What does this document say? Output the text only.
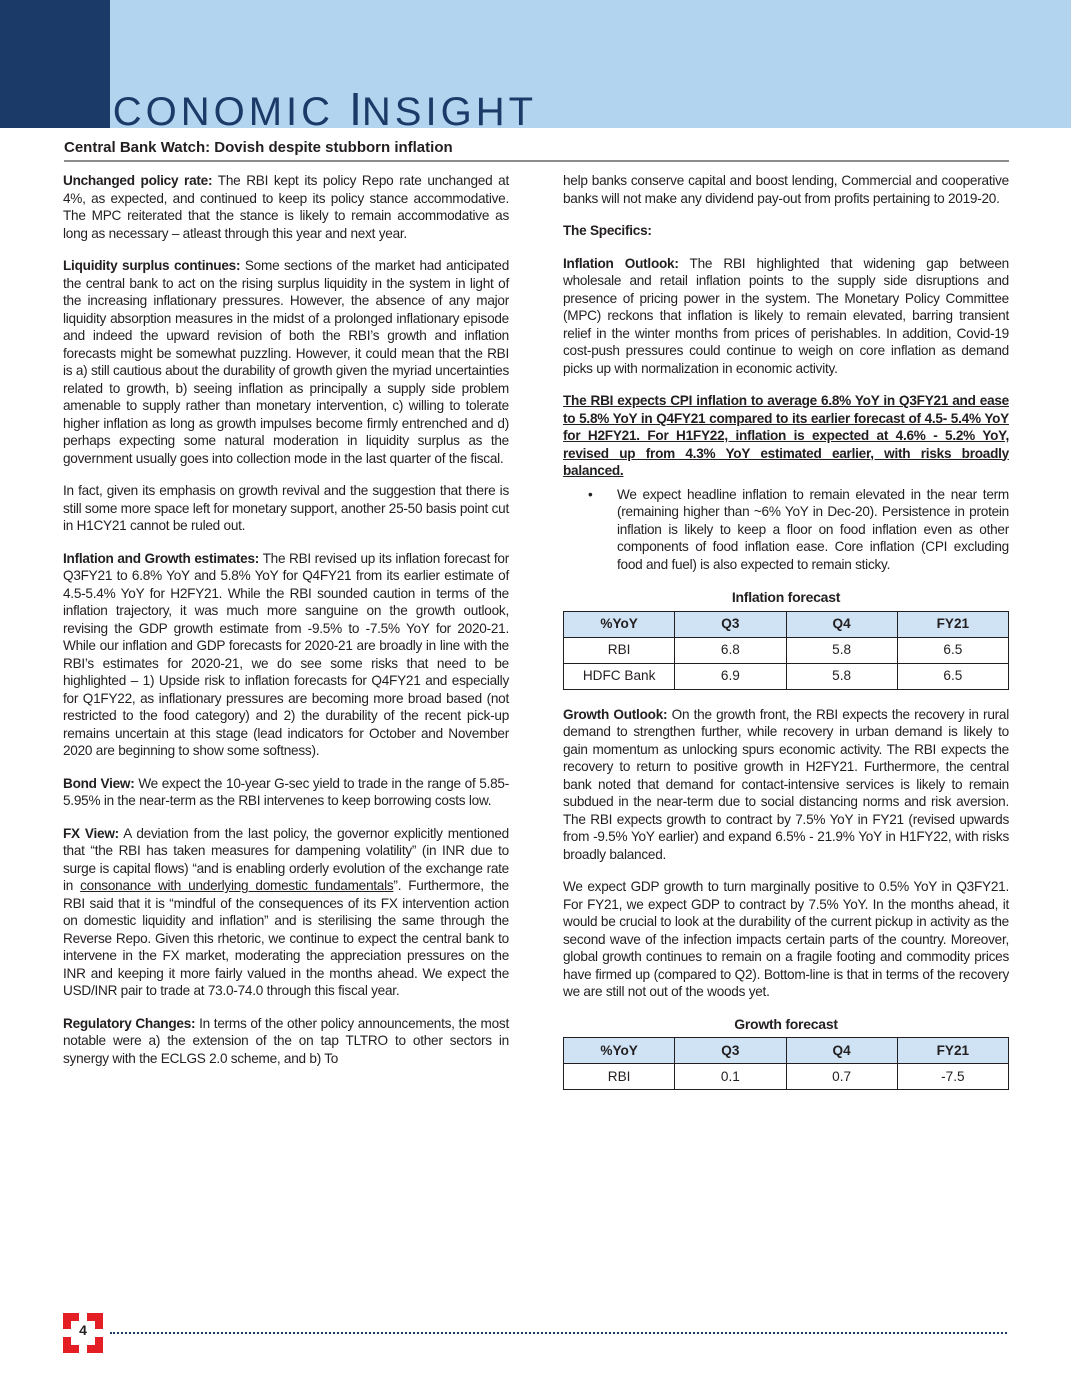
ECONOMIC INSIGHT
Central Bank Watch: Dovish despite stubborn inflation

Unchanged policy rate: The RBI kept its policy Repo rate unchanged at 4%, as expected, and continued to keep its policy stance accommodative. The MPC reiterated that the stance is likely to remain accommodative as long as necessary – atleast through this year and next year.

Liquidity surplus continues: Some sections of the market had anticipated the central bank to act on the rising surplus liquidity in the system in light of the increasing inflationary pressures. However, the absence of any major liquidity absorption measures in the midst of a prolonged inflationary episode and indeed the upward revision of both the RBI’s growth and inflation forecasts might be somewhat puzzling. However, it could mean that the RBI is a) still cautious about the durability of growth given the myriad uncertainties related to growth, b) seeing inflation as principally a supply side problem amenable to supply rather than monetary intervention, c) willing to tolerate higher inflation as long as growth impulses become firmly entrenched and d) perhaps expecting some natural moderation in liquidity surplus as the government usually goes into collection mode in the last quarter of the fiscal.

In fact, given its emphasis on growth revival and the suggestion that there is still some more space left for monetary support, another 25-50 basis point cut in H1CY21 cannot be ruled out.

Inflation and Growth estimates: The RBI revised up its inflation forecast for Q3FY21 to 6.8% YoY and 5.8% YoY for Q4FY21 from its earlier estimate of 4.5-5.4% YoY for H2FY21. While the RBI sounded caution in terms of the inflation trajectory, it was much more sanguine on the growth outlook, revising the GDP growth estimate from -9.5% to -7.5% YoY for 2020-21. While our inflation and GDP forecasts for 2020-21 are broadly in line with the RBI’s estimates for 2020-21, we do see some risks that need to be highlighted – 1) Upside risk to inflation forecasts for Q4FY21 and especially for Q1FY22, as inflationary pressures are becoming more broad based (not restricted to the food category) and 2) the durability of the recent pick-up remains uncertain at this stage (lead indicators for October and November 2020 are beginning to show some softness).

Bond View: We expect the 10-year G-sec yield to trade in the range of 5.85-5.95% in the near-term as the RBI intervenes to keep borrowing costs low.

FX View: A deviation from the last policy, the governor explicitly mentioned that “the RBI has taken measures for dampening volatility” (in INR due to surge is capital flows) “and is enabling orderly evolution of the exchange rate in consonance with underlying domestic fundamentals”. Furthermore, the RBI said that it is “mindful of the consequences of its FX intervention action on domestic liquidity and inflation” and is sterilising the same through the Reverse Repo. Given this rhetoric, we continue to expect the central bank to intervene in the FX market, moderating the appreciation pressures on the INR and keeping it more fairly valued in the months ahead. We expect the USD/INR pair to trade at 73.0-74.0 through this fiscal year.

Regulatory Changes: In terms of the other policy announcements, the most notable were a) the extension of the on tap TLTRO to other sectors in synergy with the ECLGS 2.0 scheme, and b) To

help banks conserve capital and boost lending, Commercial and cooperative banks will not make any dividend pay-out from profits pertaining to 2019-20.

The Specifics:

Inflation Outlook: The RBI highlighted that widening gap between wholesale and retail inflation points to the supply side disruptions and presence of pricing power in the system. The Monetary Policy Committee (MPC) reckons that inflation is likely to remain elevated, barring transient relief in the winter months from prices of perishables. In addition, Covid-19 cost-push pressures could continue to weigh on core inflation as demand picks up with normalization in economic activity.

The RBI expects CPI inflation to average 6.8% YoY in Q3FY21 and ease to 5.8% YoY in Q4FY21 compared to its earlier forecast of 4.5- 5.4% YoY for H2FY21. For H1FY22, inflation is expected at 4.6% - 5.2% YoY, revised up from 4.3% YoY estimated earlier, with risks broadly balanced.

• We expect headline inflation to remain elevated in the near term (remaining higher than ~6% YoY in Dec-20). Persistence in protein inflation is likely to keep a floor on food inflation even as other components of food inflation ease. Core inflation (CPI excluding food and fuel) is also expected to remain sticky.
Inflation forecast
%YoY	Q3	Q4	FY21
RBI	6.8	5.8	6.5
HDFC Bank	6.9	5.8	6.5

Growth Outlook: On the growth front, the RBI expects the recovery in rural demand to strengthen further, while recovery in urban demand is likely to gain momentum as unlocking spurs economic activity. The RBI expects the recovery to return to positive growth in H2FY21. Furthermore, the central bank noted that demand for contact-intensive services is likely to remain subdued in the near-term due to social distancing norms and risk aversion. The RBI expects growth to contract by 7.5% YoY in FY21 (revised upwards from -9.5% YoY earlier) and expand 6.5% - 21.9% YoY in H1FY22, with risks broadly balanced.

We expect GDP growth to turn marginally positive to 0.5% YoY in Q3FY21. For FY21, we expect GDP to contract by 7.5% YoY. In the months ahead, it would be crucial to look at the durability of the current pickup in activity as the second wave of the infection impacts certain parts of the country. Moreover, global growth continues to remain on a fragile footing and commodity prices have firmed up (compared to Q2). Bottom-line is that in terms of the recovery we are still not out of the woods yet.

Growth forecast
%YoY	Q3	Q4	FY21
RBI	0.1	0.7	-7.5
4
